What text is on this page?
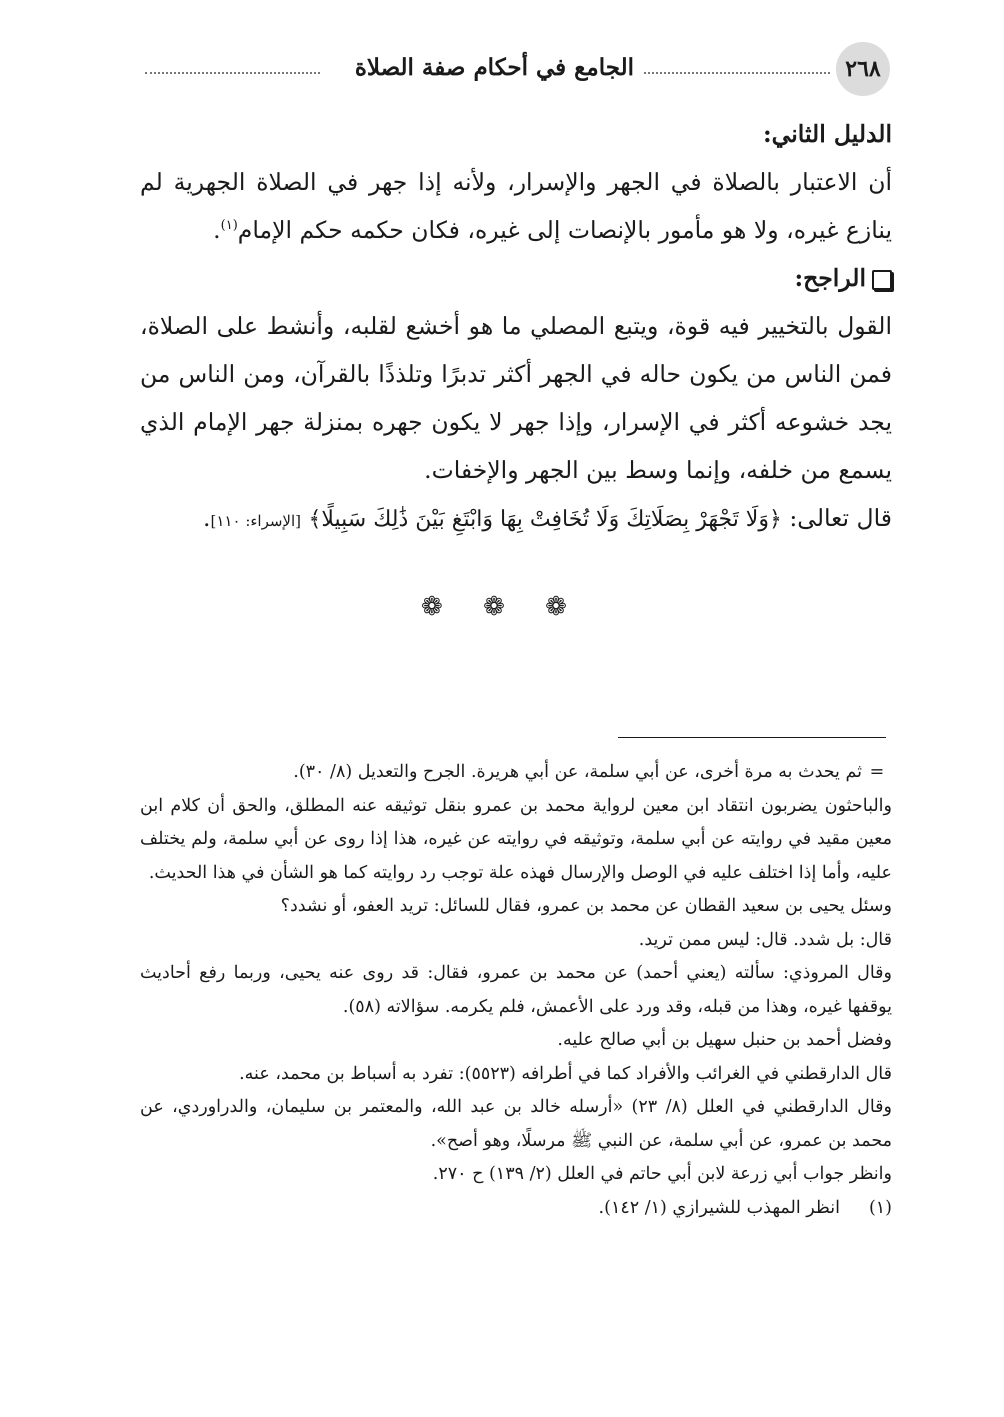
٢٦٨
الجامع في أحكام صفة الصلاة

الدليل الثاني:

أن الاعتبار بالصلاة في الجهر والإسرار، ولأنه إذا جهر في الصلاة الجهرية لم ينازع غيره، ولا هو مأمور بالإنصات إلى غيره، فكان حكمه حكم الإمام$^{(١)}$.

الراجح:

القول بالتخيير فيه قوة، ويتبع المصلي ما هو أخشع لقلبه، وأنشط على الصلاة، فمن الناس من يكون حاله في الجهر أكثر تدبرًا وتلذذًا بالقرآن، ومن الناس من يجد خشوعه أكثر في الإسرار، وإذا جهر لا يكون جهره بمنزلة جهر الإمام الذي يسمع من خلفه، وإنما وسط بين الجهر والإخفات.

قال تعالى: ﴿وَلَا تَجْهَرْ بِصَلَاتِكَ وَلَا تُخَافِتْ بِهَا وَابْتَغِ بَيْنَ ذَٰلِكَ سَبِيلًا﴾ [الإسراء: ١١٠].

❁ ❁ ❁

=ثم يحدث به مرة أخرى، عن أبي سلمة، عن أبي هريرة. الجرح والتعديل (٨/ ٣٠).

والباحثون يضربون انتقاد ابن معين لرواية محمد بن عمرو بنقل توثيقه عنه المطلق، والحق أن كلام ابن معين مقيد في روايته عن أبي سلمة، وتوثيقه في روايته عن غيره، هذا إذا روى عن أبي سلمة، ولم يختلف عليه، وأما إذا اختلف عليه في الوصل والإرسال فهذه علة توجب رد روايته كما هو الشأن في هذا الحديث.

وسئل يحيى بن سعيد القطان عن محمد بن عمرو، فقال للسائل: تريد العفو، أو نشدد؟

قال: بل شدد. قال: ليس ممن تريد.

وقال المروذي: سألته (يعني أحمد) عن محمد بن عمرو، فقال: قد روى عنه يحيى، وربما رفع أحاديث يوقفها غيره، وهذا من قبله، وقد ورد على الأعمش، فلم يكرمه. سؤالاته (٥٨).

وفضل أحمد بن حنبل سهيل بن أبي صالح عليه.

قال الدارقطني في الغرائب والأفراد كما في أطرافه (٥٥٢٣): تفرد به أسباط بن محمد، عنه.

وقال الدارقطني في العلل (٨/ ٢٣) «أرسله خالد بن عبد الله، والمعتمر بن سليمان، والدراوردي، عن محمد بن عمرو، عن أبي سلمة، عن النبي ﷺ مرسلًا، وهو أصح».

وانظر جواب أبي زرعة لابن أبي حاتم في العلل (٢/ ١٣٩) ح ٢٧٠.

(١)انظر المهذب للشيرازي (١/ ١٤٢).
